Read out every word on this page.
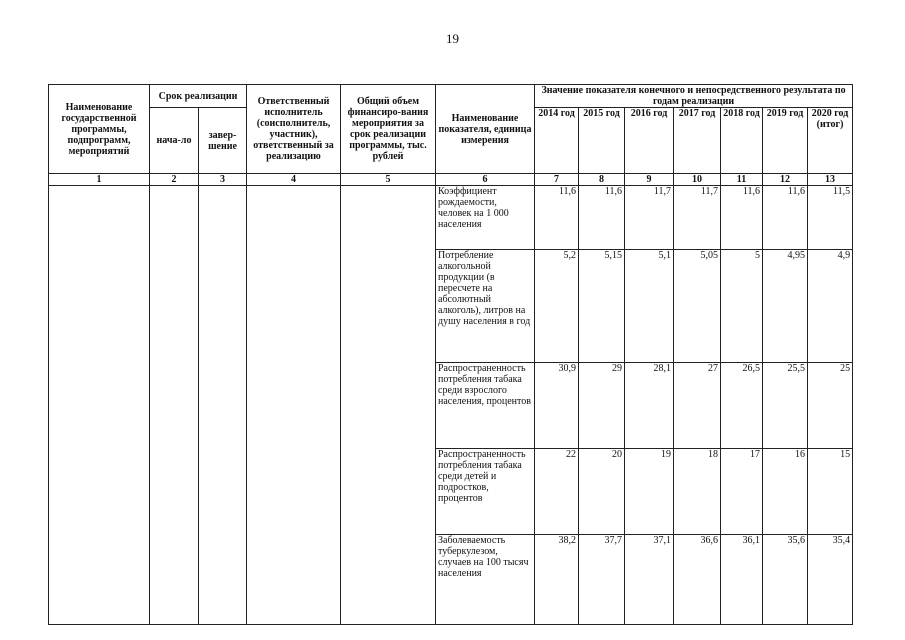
19
Наименование государственной программы, подпрограмм, мероприятий	Срок реализации		Ответственный исполнитель (соисполнитель, участник), ответственный за реализацию	Общий объем финансиро-вания мероприятия за срок реализации программы, тыс. рублей	Наименование показателя, единица измерения	Значение показателя конечного и непосредственного результата по годам реализации						
	нача-ло	завер-шение				2014 год	2015 год	2016 год	2017 год	2018 год	2019 год	2020 год (итог)
1	2	3	4	5	6	7	8	9	10	11	12	13
					Коэффициент рождаемости, человек на 1 000 населения	11,6	11,6	11,7	11,7	11,6	11,6	11,5
					Потребление алкогольной продукции (в пересчете на абсолютный алкоголь), литров на душу населения в год	5,2	5,15	5,1	5,05	5	4,95	4,9
					Распространенность потребления табака среди взрослого населения, процентов	30,9	29	28,1	27	26,5	25,5	25
					Распространенность потребления табака среди детей и подростков, процентов	22	20	19	18	17	16	15
					Заболеваемость туберкулезом, случаев на 100 тысяч населения	38,2	37,7	37,1	36,6	36,1	35,6	35,4
